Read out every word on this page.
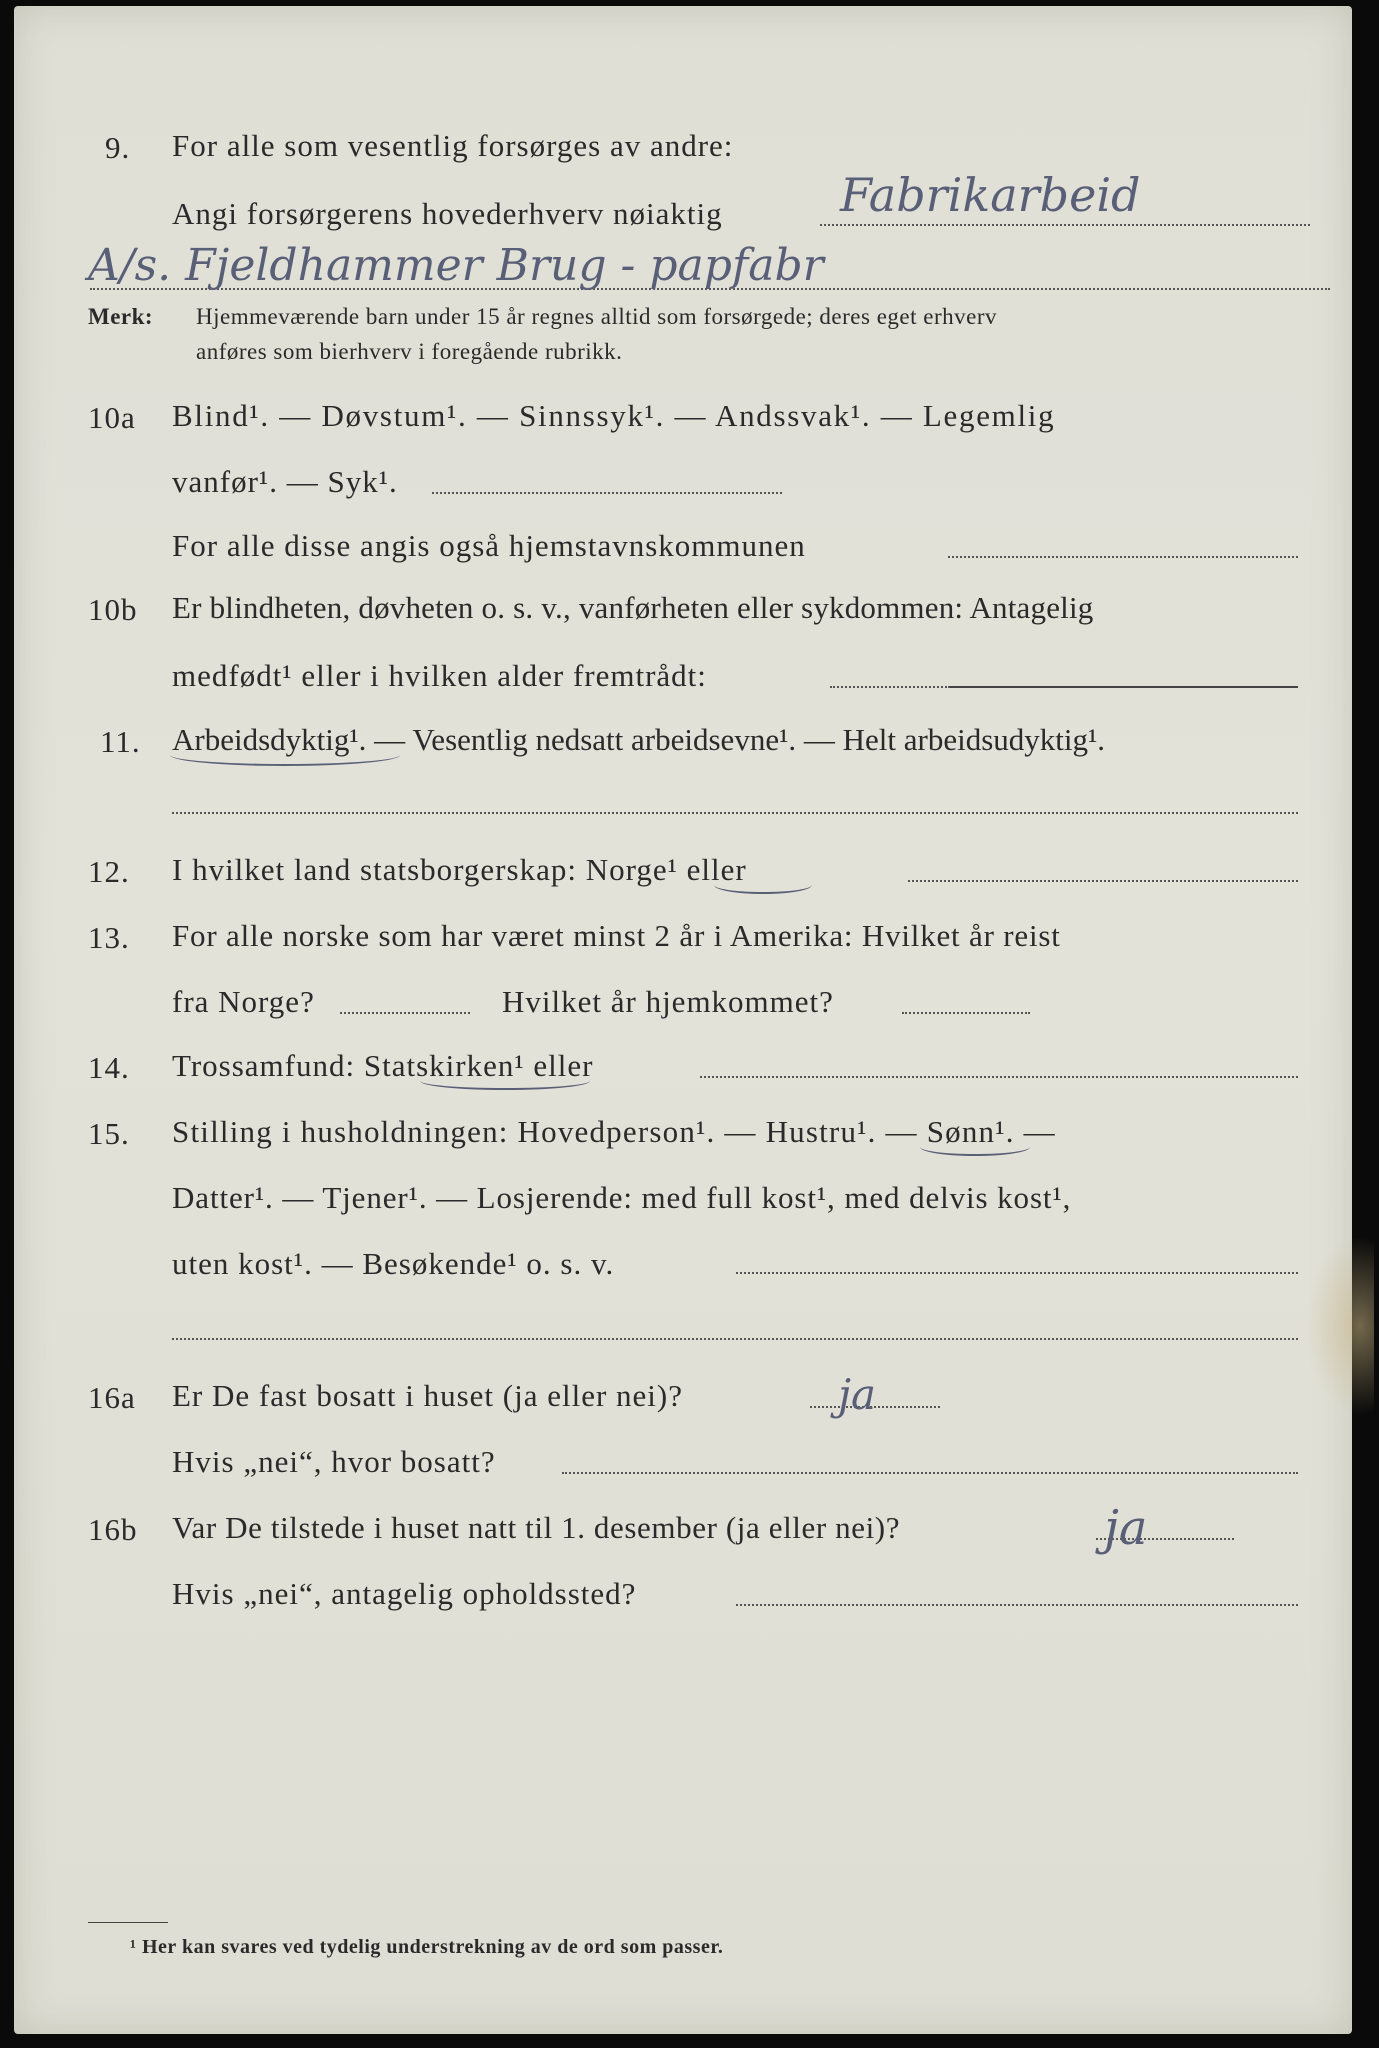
9. For alle som vesentlig forsørges av andre:
Angi forsørgerens hovederhverv nøiaktig	Fabrikarbeid
A/s. Fjeldhammer Brug - papfabr
Merk: Hjemmeværende barn under 15 år regnes alltid som forsørgede; deres eget erhverv
anføres som bierhverv i foregående rubrikk.
10a Blind¹. — Døvstum¹. — Sinnssyk¹. — Andssvak¹. — Legemlig
vanfør¹. — Syk¹.
For alle disse angis også hjemstavnskommunen
10b Er blindheten, døvheten o. s. v., vanførheten eller sykdommen: Antagelig
medfødt¹ eller i hvilken alder fremtrådt:
11. Arbeidsdyktig¹. — Vesentlig nedsatt arbeidsevne¹. — Helt arbeidsudyktig¹.
12. I hvilket land statsborgerskap: Norge¹ eller
13. For alle norske som har været minst 2 år i Amerika: Hvilket år reist
fra Norge?	Hvilket år hjemkommet?
14. Trossamfund: Statskirken¹ eller
15. Stilling i husholdningen: Hovedperson¹. — Hustru¹. — Sønn¹. —
Datter¹. — Tjener¹. — Losjerende: med full kost¹, med delvis kost¹,
uten kost¹. — Besøkende¹ o. s. v.
16a Er De fast bosatt i huset (ja eller nei)?	ja
Hvis „nei“, hvor bosatt?
16b Var De tilstede i huset natt til 1. desember (ja eller nei)?	ja
Hvis „nei“, antagelig opholdssted?
¹ Her kan svares ved tydelig understrekning av de ord som passer.
